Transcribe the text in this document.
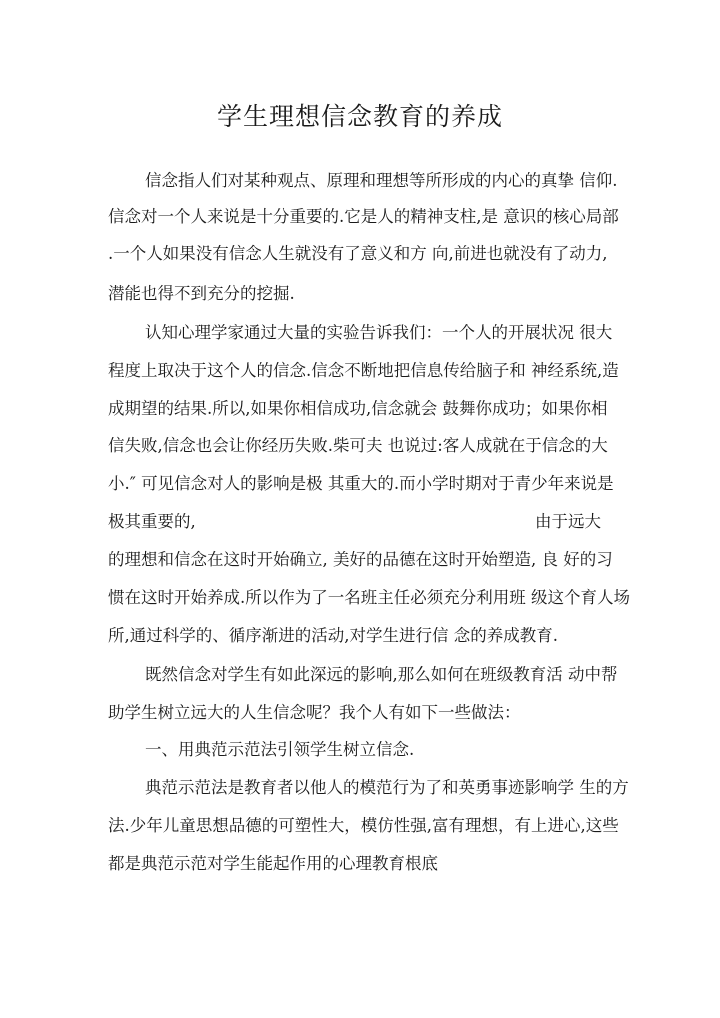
学生理想信念教育的养成
信念指人们对某种观点、原理和理想等所形成的内心的真挚 信仰.
信念对一个人来说是十分重要的.它是人的精神支柱,是 意识的核心局部
.一个人如果没有信念人生就没有了意义和方 向,前进也就没有了动力,
潜能也得不到充分的挖掘.
认知心理学家通过大量的实验告诉我们：一个人的开展状况 很大
程度上取决于这个人的信念.信念不断地把信息传给脑子和 神经系统,造
成期望的结果.所以,如果你相信成功,信念就会 鼓舞你成功；如果你相
信失败,信念也会让你经历失败.柴可夫 也说过:客人成就在于信念的大
小.″ 可见信念对人的影响是极 其重大的.而小学时期对于青少年来说是
极其重要的,	由于远大
的理想和信念在这时开始确立, 美好的品德在这时开始塑造, 良 好的习
惯在这时开始养成.所以作为了一名班主任必须充分利用班 级这个育人场
所,通过科学的、循序渐进的活动,对学生进行信 念的养成教育.
既然信念对学生有如此深远的影响,那么如何在班级教育活 动中帮
助学生树立远大的人生信念呢？我个人有如下一些做法：
一、用典范示范法引领学生树立信念.
典范示范法是教育者以他人的模范行为了和英勇事迹影响学 生的方
法.少年儿童思想品德的可塑性大，模仿性强,富有理想，有上进心,这些
都是典范示范对学生能起作用的心理教育根底
